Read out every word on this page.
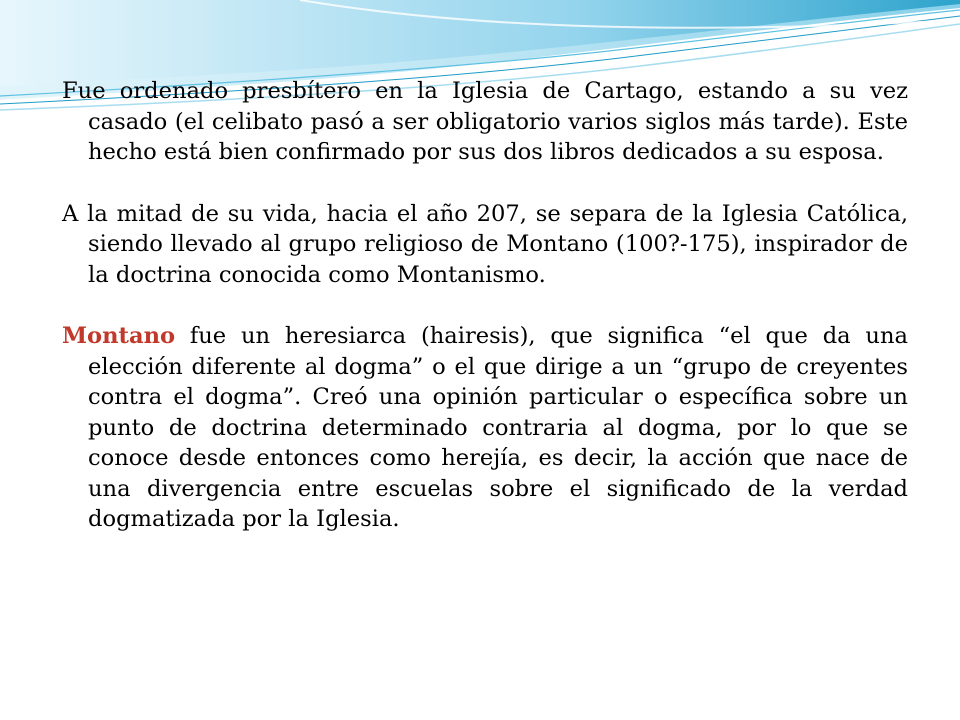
Fue ordenado presbítero en la Iglesia de Cartago, estando a su vez casado (el celibato pasó a ser obligatorio varios siglos más tarde). Este hecho está bien confirmado por sus dos libros dedicados a su esposa.

A la mitad de su vida, hacia el año 207, se separa de la Iglesia Católica, siendo llevado al grupo religioso de Montano (100?-175), inspirador de la doctrina conocida como Montanismo.

Montano fue un heresiarca (hairesis), que significa “el que da una elección diferente al dogma” o el que dirige a un “grupo de creyentes contra el dogma”. Creó una opinión particular o específica sobre un punto de doctrina determinado contraria al dogma, por lo que se conoce desde entonces como herejía, es decir, la acción que nace de una divergencia entre escuelas sobre el significado de la verdad dogmatizada por la Iglesia.
